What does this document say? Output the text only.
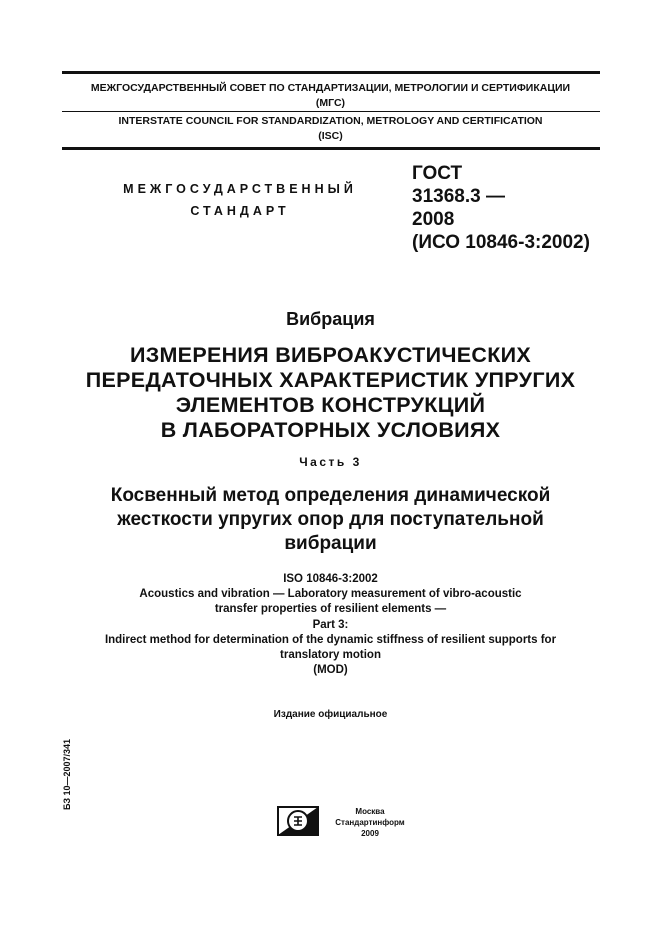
МЕЖГОСУДАРСТВЕННЫЙ СОВЕТ ПО СТАНДАРТИЗАЦИИ, МЕТРОЛОГИИ И СЕРТИФИКАЦИИ
(МГС)
INTERSTATE COUNCIL FOR STANDARDIZATION, METROLOGY AND CERTIFICATION
(ISC)
МЕЖГОСУДАРСТВЕННЫЙ
СТАНДАРТ
ГОСТ
31368.3 —
2008
(ИСО 10846-3:2002)
Вибрация
ИЗМЕРЕНИЯ ВИБРОАКУСТИЧЕСКИХ
ПЕРЕДАТОЧНЫХ ХАРАКТЕРИСТИК УПРУГИХ
ЭЛЕМЕНТОВ КОНСТРУКЦИЙ
В ЛАБОРАТОРНЫХ УСЛОВИЯХ
Часть 3
Косвенный метод определения динамической
жесткости упругих опор для поступательной
вибрации
ISO 10846-3:2002
Acoustics and vibration — Laboratory measurement of vibro-acoustic
transfer properties of resilient elements —
Part 3:
Indirect method for determination of the dynamic stiffness of resilient supports for
translatory motion
(MOD)
Издание официальное
БЗ 10—2007/341
Москва
Стандартинформ
2009
